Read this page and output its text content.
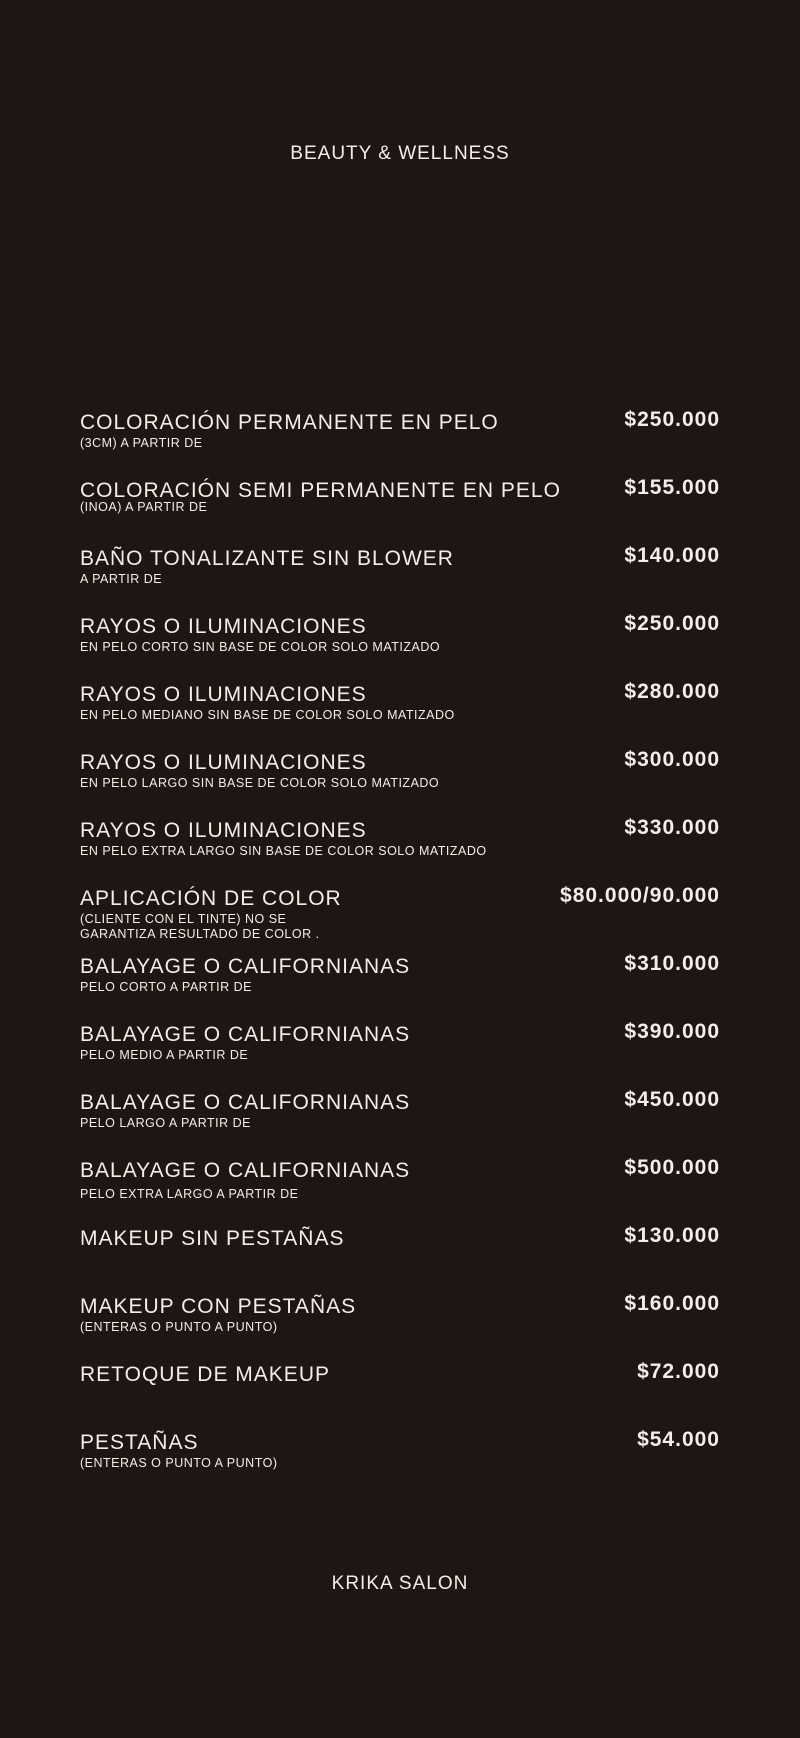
BEAUTY & WELLNESS
COLORACIÓN PERMANENTE EN PELO
(3CM) A PARTIR DE
$250.000
COLORACIÓN SEMI PERMANENTE EN PELO
(INOA) A PARTIR DE
$155.000
BAÑO TONALIZANTE SIN BLOWER
A PARTIR DE
$140.000
RAYOS O ILUMINACIONES
EN PELO CORTO SIN BASE DE COLOR SOLO MATIZADO
$250.000
RAYOS O ILUMINACIONES
EN PELO MEDIANO SIN BASE DE COLOR SOLO MATIZADO
$280.000
RAYOS O ILUMINACIONES
EN PELO LARGO SIN BASE DE COLOR SOLO MATIZADO
$300.000
RAYOS O ILUMINACIONES
EN PELO EXTRA LARGO SIN BASE DE COLOR SOLO MATIZADO
$330.000
APLICACIÓN DE COLOR
(CLIENTE CON EL TINTE) NO SE
GARANTIZA RESULTADO DE COLOR .
$80.000/90.000
BALAYAGE O CALIFORNIANAS
PELO CORTO A PARTIR DE
$310.000
BALAYAGE O CALIFORNIANAS
PELO MEDIO A PARTIR DE
$390.000
BALAYAGE O CALIFORNIANAS
PELO LARGO A PARTIR DE
$450.000
BALAYAGE O CALIFORNIANAS
PELO EXTRA LARGO A PARTIR DE
$500.000
MAKEUP SIN PESTAÑAS	$130.000
MAKEUP CON PESTAÑAS
(ENTERAS O PUNTO A PUNTO)
$160.000
RETOQUE DE MAKEUP	$72.000
PESTAÑAS
(ENTERAS O PUNTO A PUNTO)
$54.000
KRIKA SALON
